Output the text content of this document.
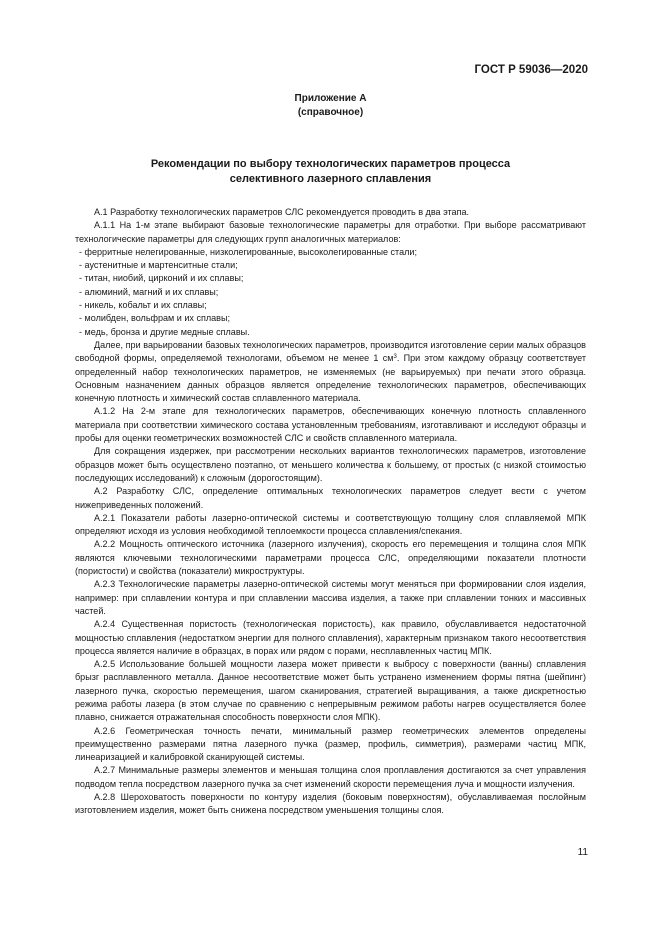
ГОСТ Р 59036—2020
Приложение А
(справочное)
Рекомендации по выбору технологических параметров процесса
селективного лазерного сплавления

А.1 Разработку технологических параметров СЛС рекомендуется проводить в два этапа.

А.1.1 На 1-м этапе выбирают базовые технологические параметры для отработки. При выборе рассматривают технологические параметры для следующих групп аналогичных материалов:

- ферритные нелегированные, низколегированные, высоколегированные стали;
- аустенитные и мартенситные стали;
- титан, ниобий, цирконий и их сплавы;
- алюминий, магний и их сплавы;
- никель, кобальт и их сплавы;
- молибден, вольфрам и их сплавы;
- медь, бронза и другие медные сплавы.

Далее, при варьировании базовых технологических параметров, производится изготовление серии малых образцов свободной формы, определяемой технологами, объемом не менее 1 $см^3$. При этом каждому образцу соответствует определенный набор технологических параметров, не изменяемых (не варьируемых) при печати этого образца. Основным назначением данных образцов является определение технологических параметров, обеспечивающих конечную плотность и химический состав сплавленного материала.

А.1.2 На 2-м этапе для технологических параметров, обеспечивающих конечную плотность сплавленного материала при соответствии химического состава установленным требованиям, изготавливают и исследуют образцы и пробы для оценки геометрических возможностей СЛС и свойств сплавленного материала.

Для сокращения издержек, при рассмотрении нескольких вариантов технологических параметров, изготовление образцов может быть осуществлено поэтапно, от меньшего количества к большему, от простых (с низкой стоимостью последующих исследований) к сложным (дорогостоящим).

А.2 Разработку СЛС, определение оптимальных технологических параметров следует вести с учетом нижеприведенных положений.

А.2.1 Показатели работы лазерно-оптической системы и соответствующую толщину слоя сплавляемой МПК определяют исходя из условия необходимой теплоемкости процесса сплавления/спекания.

А.2.2 Мощность оптического источника (лазерного излучения), скорость его перемещения и толщина слоя МПК являются ключевыми технологическими параметрами процесса СЛС, определяющими показатели плотности (пористости) и свойства (показатели) микроструктуры.

А.2.3 Технологические параметры лазерно-оптической системы могут меняться при формировании слоя изделия, например: при сплавлении контура и при сплавлении массива изделия, а также при сплавлении тонких и массивных частей.

А.2.4 Существенная пористость (технологическая пористость), как правило, обуславливается недостаточной мощностью сплавления (недостатком энергии для полного сплавления), характерным признаком такого несоответствия процесса является наличие в образцах, в порах или рядом с порами, несплавленных частиц МПК.

А.2.5 Использование большей мощности лазера может привести к выбросу с поверхности (ванны) сплавления брызг расплавленного металла. Данное несоответствие может быть устранено изменением формы пятна (шейпинг) лазерного пучка, скоростью перемещения, шагом сканирования, стратегией выращивания, а также дискретностью режима работы лазера (в этом случае по сравнению с непрерывным режимом работы нагрев осуществляется более плавно, снижается отражательная способность поверхности слоя МПК).

А.2.6 Геометрическая точность печати, минимальный размер геометрических элементов определены преимущественно размерами пятна лазерного пучка (размер, профиль, симметрия), размерами частиц МПК, линеаризацией и калибровкой сканирующей системы.

А.2.7 Минимальные размеры элементов и меньшая толщина слоя проплавления достигаются за счет управления подводом тепла посредством лазерного пучка за счет изменений скорости перемещения луча и мощности излучения.

А.2.8 Шероховатость поверхности по контуру изделия (боковым поверхностям), обуславливаемая послойным изготовлением изделия, может быть снижена посредством уменьшения толщины слоя.

11
